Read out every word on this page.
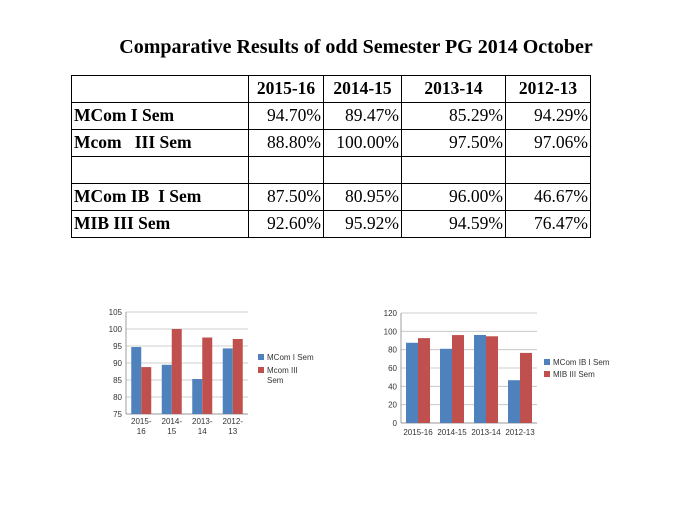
Comparative Results of odd Semester PG 2014 October
	2015-16	2014-15	2013-14	2012-13
MCom I Sem	94.70%	89.47%	85.29%	94.29%
Mcom   III Sem	88.80%	100.00%	97.50%	97.06%

MCom IB  I Sem	87.50%	80.95%	96.00%	46.67%
MIB III Sem	92.60%	95.92%	94.59%	76.47%
75
80
85
90
95
100
105
2015-16
2014-15
2013-14
2012-13
MCom I Sem
Mcom III Sem
0
20
40
60
80
100
120
2015-16 2014-15 2013-14 2012-13
MCom IB I Sem
MIB III Sem
